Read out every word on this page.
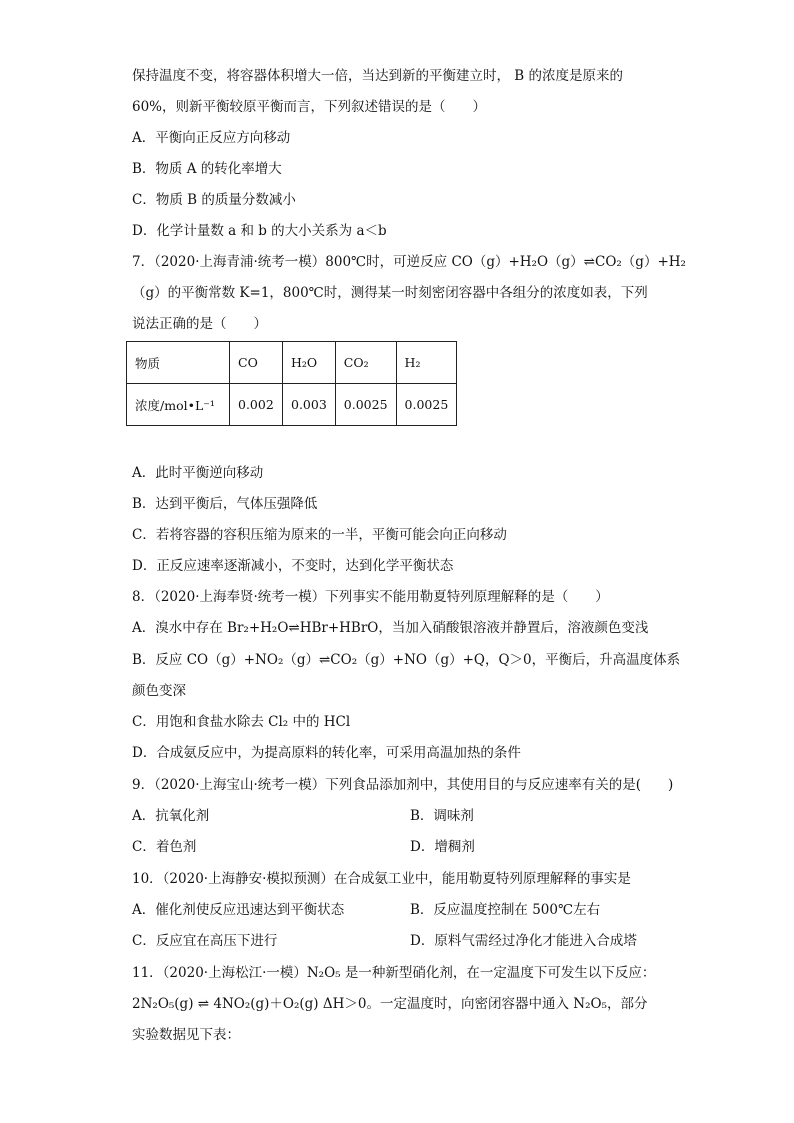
保持温度不变，将容器体积增大一倍，当达到新的平衡建立时， B 的浓度是原来的
60%，则新平衡较原平衡而言，下列叙述错误的是（　　）
A．平衡向正反应方向移动
B．物质 A 的转化率增大
C．物质 B 的质量分数减小
D．化学计量数 a 和 b 的大小关系为 a＜b
7．（2020·上海青浦·统考一模）800℃时，可逆反应 CO（g）+H₂O（g）⇌CO₂（g）+H₂
（g）的平衡常数 K=1，800℃时，测得某一时刻密闭容器中各组分的浓度如表，下列
说法正确的是（　　）
物质	CO	H₂O	CO₂	H₂
浓度/mol•L⁻¹	0.002	0.003	0.0025	0.0025
A．此时平衡逆向移动
B．达到平衡后，气体压强降低
C．若将容器的容积压缩为原来的一半，平衡可能会向正向移动
D．正反应速率逐渐减小，不变时，达到化学平衡状态
8．（2020·上海奉贤·统考一模）下列事实不能用勒夏特列原理解释的是（　　）
A．溴水中存在 Br₂+H₂O⇌HBr+HBrO，当加入硝酸银溶液并静置后，溶液颜色变浅
B．反应 CO（g）+NO₂（g）⇌CO₂（g）+NO（g）+Q，Q＞0，平衡后，升高温度体系
颜色变深
C．用饱和食盐水除去 Cl₂ 中的 HCl
D．合成氨反应中，为提高原料的转化率，可采用高温加热的条件
9．（2020·上海宝山·统考一模）下列食品添加剂中，其使用目的与反应速率有关的是(　　)
A．抗氧化剂	B．调味剂
C．着色剂	D．增稠剂
10．（2020·上海静安·模拟预测）在合成氨工业中，能用勒夏特列原理解释的事实是
A．催化剂使反应迅速达到平衡状态	B．反应温度控制在 500℃左右
C．反应宜在高压下进行	D．原料气需经过净化才能进入合成塔
11．（2020·上海松江·一模）N₂O₅ 是一种新型硝化剂，在一定温度下可发生以下反应：
2N₂O₅(g) ⇌ 4NO₂(g)＋O₂(g) ΔH＞0。一定温度时，向密闭容器中通入 N₂O₅，部分
实验数据见下表：
